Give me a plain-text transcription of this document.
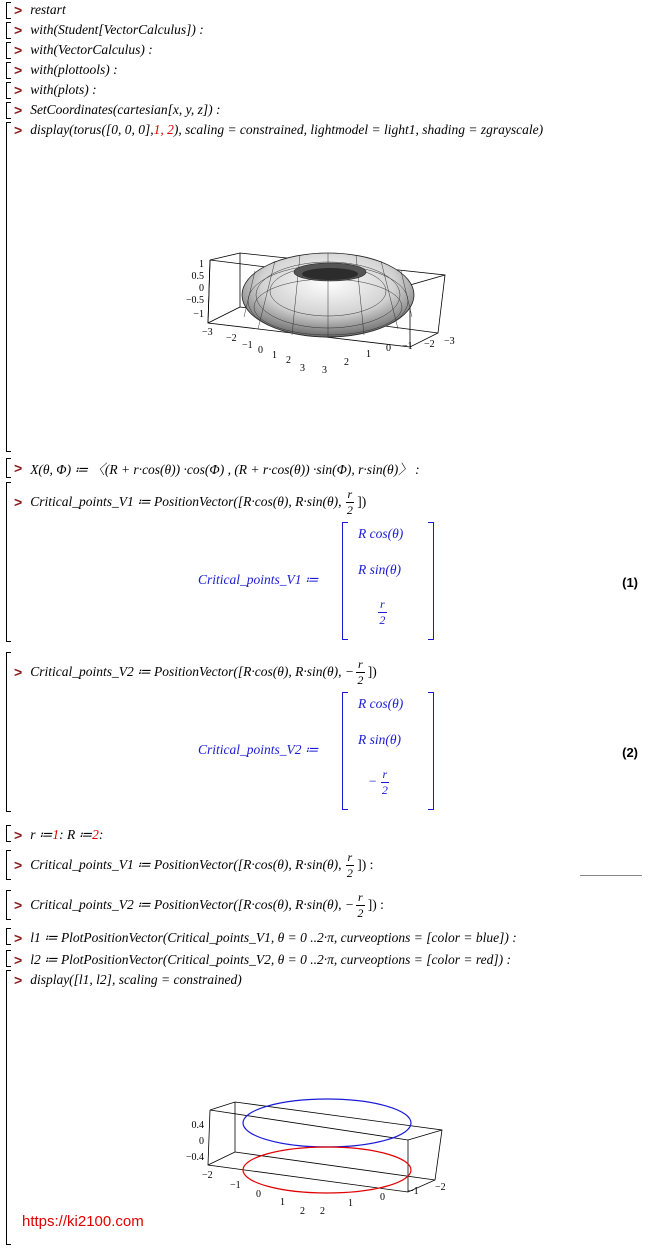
> restart
> with(Student[VectorCalculus]) :
> with(VectorCalculus) :
> with(plottools) :
> with(plots) :
> SetCoordinates(cartesian[x, y, z]) :
> display(torus([0, 0, 0], 1, 2 ), scaling = constrained, lightmodel = light1, shading = zgrayscale)
1
0.5
0
−0.5
−1
−3
−2
−1 0 1 2
3 3
2
1
0 −1 −2 −3
> X(θ, Φ) ≔ 〈(R + r·cos(θ)) ·cos(Φ) , (R + r·cos(θ)) ·sin(Φ), r·sin(θ)〉 :
> Critical_points_V1 ≔ PositionVector([R·cos(θ), R·sin(θ), $\frac{r}{2}$ ])
Critical_points_V1 ≔
R cos(θ)
R sin(θ)
$\frac{r}{2}$
(1)
> Critical_points_V2 ≔ PositionVector([R·cos(θ), R·sin(θ), − $\frac{r}{2}$ ])
Critical_points_V2 ≔
R cos(θ)
R sin(θ)
− $\frac{r}{2}$
(2)
> r ≔ 1 : R ≔ 2 :
> Critical_points_V1 ≔ PositionVector([R·cos(θ), R·sin(θ), $\frac{r}{2}$ ]) :
> Critical_points_V2 ≔ PositionVector([R·cos(θ), R·sin(θ), − $\frac{r}{2}$ ]) :
> l1 ≔ PlotPositionVector(Critical_points_V1, θ = 0 ..2·π, curveoptions = [color = blue]) :
> l2 ≔ PlotPositionVector(Critical_points_V2, θ = 0 ..2·π, curveoptions = [color = red]) :
> display([l1, l2], scaling = constrained)
0.4
0
−0.4
−2
−1
0
1
2 2
1
0
−1 −2
https://ki2100.com
